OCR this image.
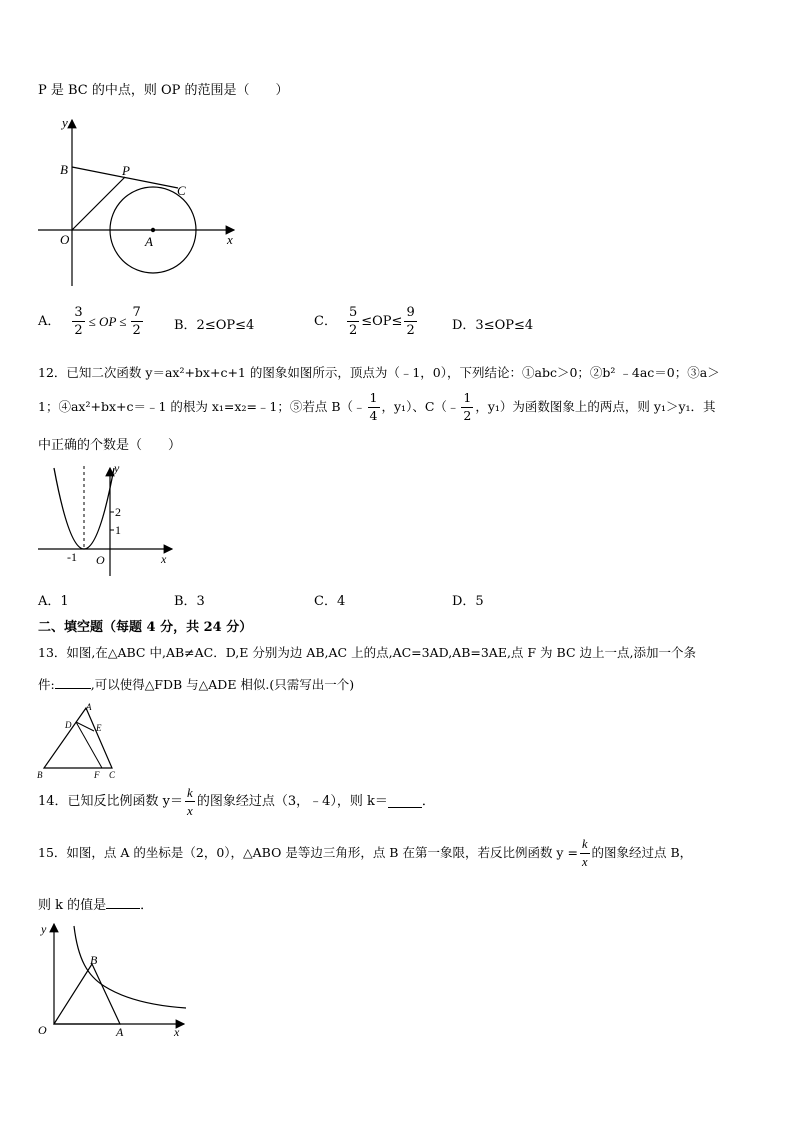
P 是 BC 的中点，则 OP 的范围是（　　）
y
x
O
B	P
C
A
A． $\frac{3}{2}$ ≤ OP ≤ $\frac{7}{2}$ B．2≤OP≤4	C． $\frac{5}{2} \le OP\le \frac{9}{2}$	D．3≤OP≤4
12．已知二次函数 y＝ax²+bx+c+1 的图象如图所示，顶点为（﹣1，0），下列结论：①abc＞0；②b² ﹣4ac＝0；③a＞
1；④ax²+bx+c＝﹣1 的根为 x₁=x₂=﹣1；⑤若点 B（﹣ $\frac{1}{4}$ ，y₁）、C（﹣ $\frac{1}{2}$ ，y₁）为函数图象上的两点，则 y₁＞y₁．其
中正确的个数是（　　）
y
x
O
-1
2
1
A．1	B．3	C．4	D．5
二、填空题（每题 4 分，共 24 分）
13．如图,在△ABC 中,AB≠AC．D,E 分别为边 AB,AC 上的点,AC=3AD,AB=3AE,点 F 为 BC 边上一点,添加一个条
件:	,可以使得△FDB 与△ADE 相似.(只需写出一个)
A
D	E
B	F C
14．已知反比例函数 $y= \frac{k}{x}$ 的图象经过点（3，﹣4），则 k＝	．
15．如图，点 A 的坐标是（2，0），△ABO 是等边三角形，点 B 在第一象限，若反比例函数 $y = \frac{k}{x}$ 的图象经过点 B，
则 k 的值是	．
y
x
O	A
B
